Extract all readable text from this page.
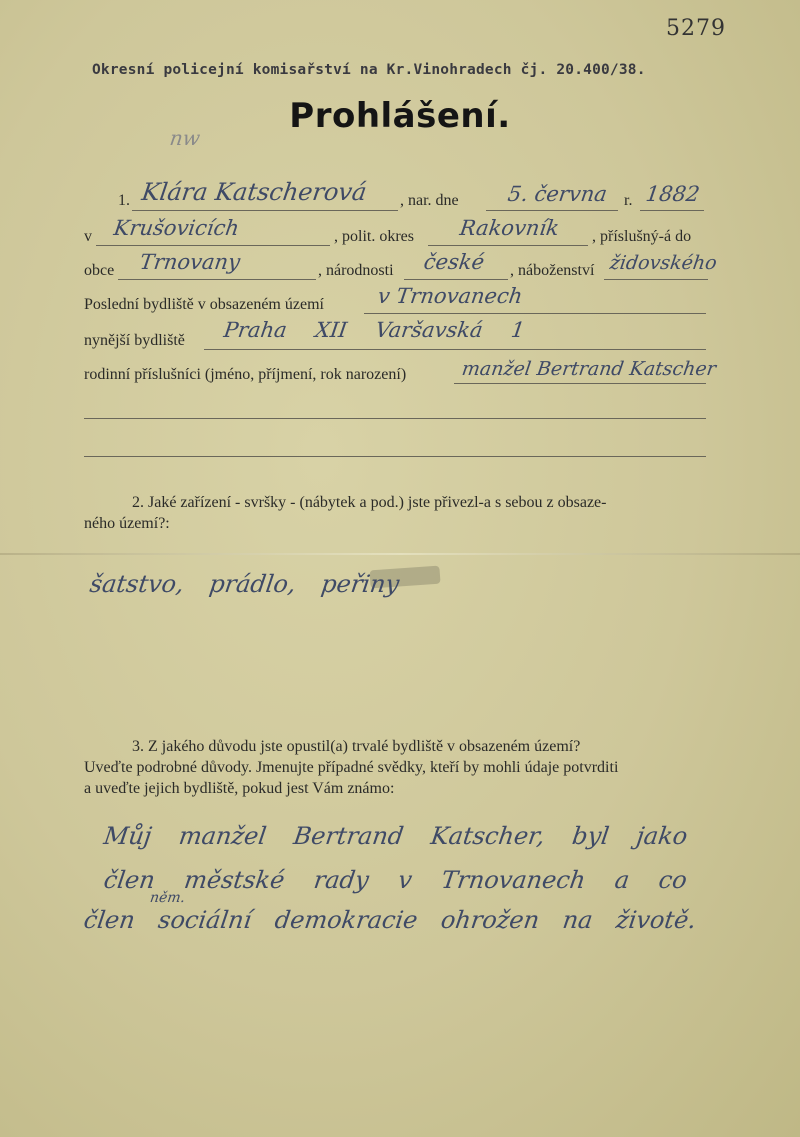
5279
Okresní policejní komisařství na Kr.Vinohradech čj. 20.400/38.
Prohlášení.
nw
1. Klára Katscherová , nar. dne 5. června r. 1882
v Krušovicích	, polit. okres Rakovník , příslušný-á do
obce Trnovany	, národnosti české , náboženství židovského
Poslední bydliště v obsazeném území v Trnovanech
nynější bydliště Praha XII Varšavská 1
rodinní příslušníci (jméno, příjmení, rok narození)	manžel Bertrand Katscher
2. Jaké zařízení - svršky - (nábytek a pod.) jste přivezl-a s sebou z obsaze-
ného území?:
šatstvo, prádlo, peřiny
3. Z jakého důvodu jste opustil(a) trvalé bydliště v obsazeném území?
Uveďte podrobné důvody. Jmenujte případné svědky, kteří by mohli údaje potvrditi
a uveďte jejich bydliště, pokud jest Vám známo:
Můj manžel Bertrand Katscher, byl jako
člen městské rady v Trnovanech a co
něm.
člen sociální demokracie ohrožen na životě.
